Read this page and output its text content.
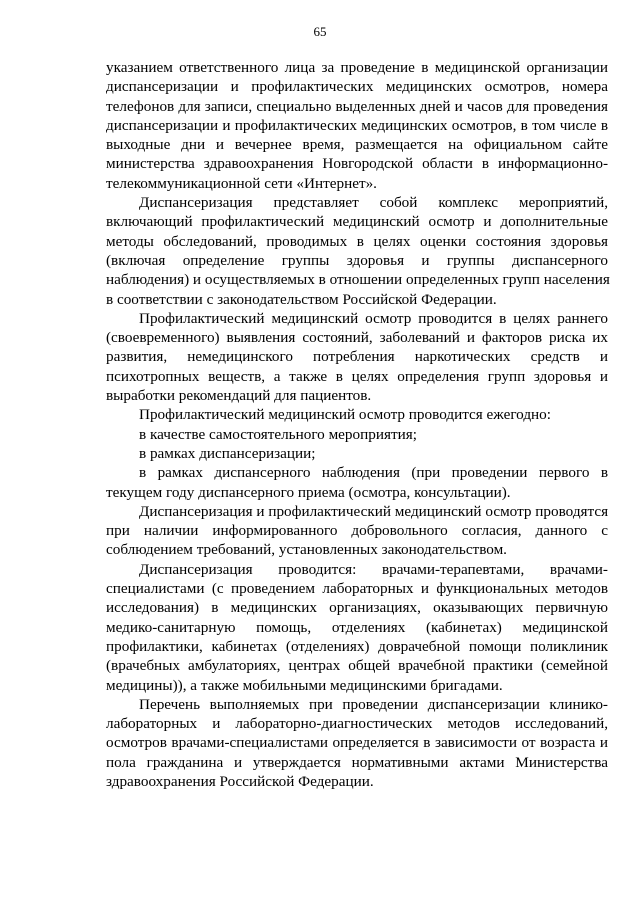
65
указанием ответственного лица за проведение в медицинской организации
диспансеризации и профилактических медицинских осмотров, номера
телефонов для записи, специально выделенных дней и часов для проведения
диспансеризации и профилактических медицинских осмотров, в том числе в
выходные дни и вечернее время, размещается на официальном сайте
министерства здравоохранения Новгородской области в информационно-
телекоммуникационной сети «Интернет».
Диспансеризация представляет собой комплекс мероприятий,
включающий профилактический медицинский осмотр и дополнительные
методы обследований, проводимых в целях оценки состояния здоровья
(включая определение группы здоровья и группы диспансерного
наблюдения) и осуществляемых в отношении определенных групп населения
в соответствии с законодательством Российской Федерации.
Профилактический медицинский осмотр проводится в целях раннего
(своевременного) выявления состояний, заболеваний и факторов риска их
развития, немедицинского потребления наркотических средств и
психотропных веществ, а также в целях определения групп здоровья и
выработки рекомендаций для пациентов.
Профилактический медицинский осмотр проводится ежегодно:
в качестве самостоятельного мероприятия;
в рамках диспансеризации;
в рамках диспансерного наблюдения (при проведении первого в
текущем году диспансерного приема (осмотра, консультации).
Диспансеризация и профилактический медицинский осмотр проводятся
при наличии информированного добровольного согласия, данного с
соблюдением требований, установленных законодательством.
Диспансеризация проводится: врачами-терапевтами, врачами-
специалистами (с проведением лабораторных и функциональных методов
исследования) в медицинских организациях, оказывающих первичную
медико-санитарную помощь, отделениях (кабинетах) медицинской
профилактики, кабинетах (отделениях) доврачебной помощи поликлиник
(врачебных амбулаториях, центрах общей врачебной практики (семейной
медицины)), а также мобильными медицинскими бригадами.
Перечень выполняемых при проведении диспансеризации клинико-
лабораторных и лабораторно-диагностических методов исследований,
осмотров врачами-специалистами определяется в зависимости от возраста и
пола гражданина и утверждается нормативными актами Министерства
здравоохранения Российской Федерации.
